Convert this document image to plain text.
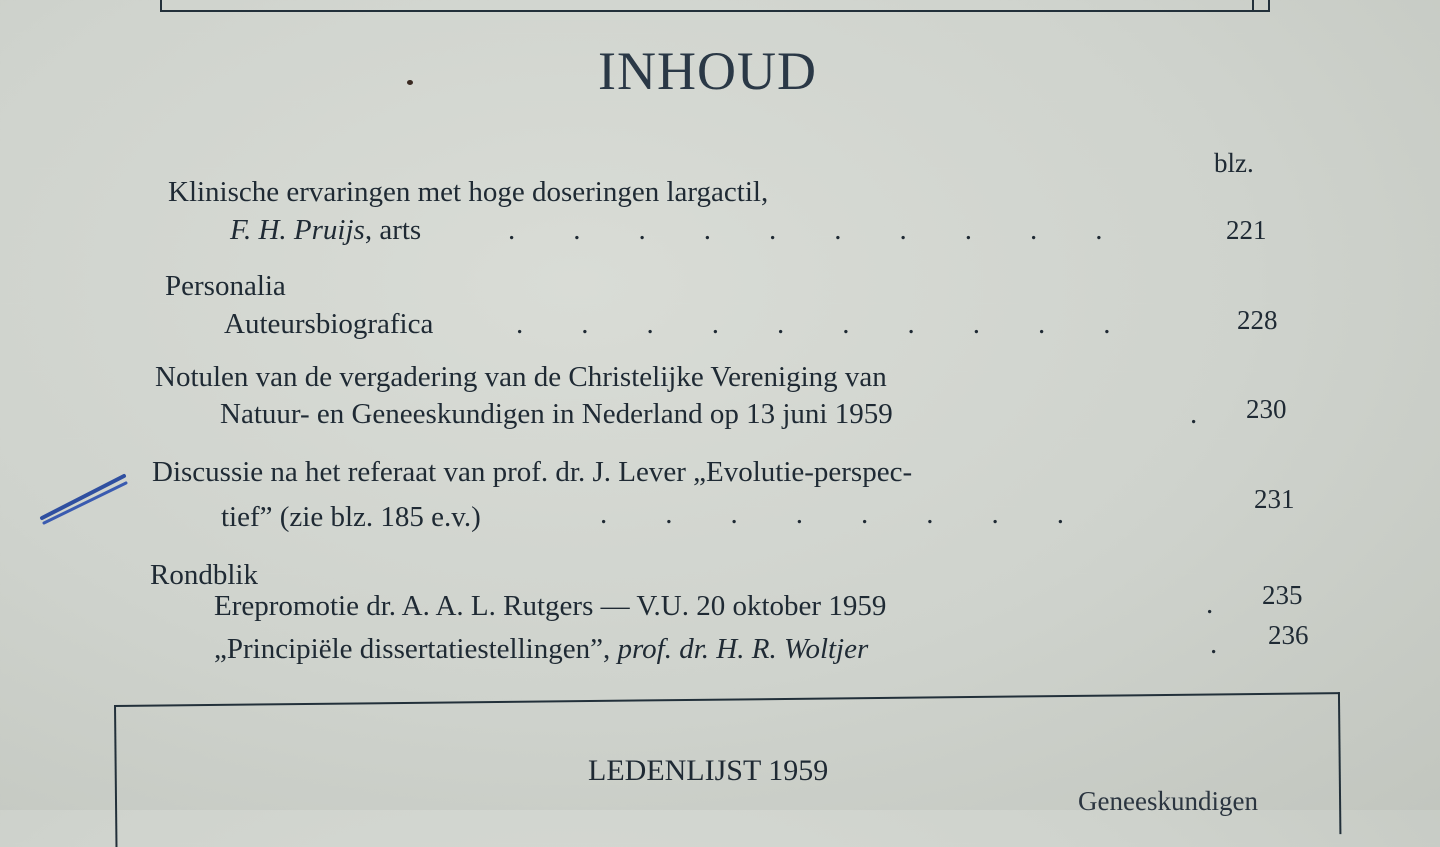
INHOUD
blz.
Klinische ervaringen met hoge doseringen largactil,
F. H. Pruijs, arts	.        .        .        .        .        .        .        .        .        .	221
Personalia
Auteursbiografica	.        .        .        .        .        .        .        .        .        .	228
Notulen van de vergadering van de Christelijke Vereniging van
Natuur- en Geneeskundigen in Nederland op 13 juni 1959	. 230
Discussie na het referaat van prof. dr. J. Lever „Evolutie-perspec-
tief” (zie blz. 185 e.v.)	.        .        .        .        .        .        .        .	231
Rondblik
Erepromotie dr. A. A. L. Rutgers — V.U. 20 oktober 1959	. 235
„Principiële dissertatiestellingen”, prof. dr. H. R. Woltjer	. 236
LEDENLIJST 1959
Geneeskundigen
